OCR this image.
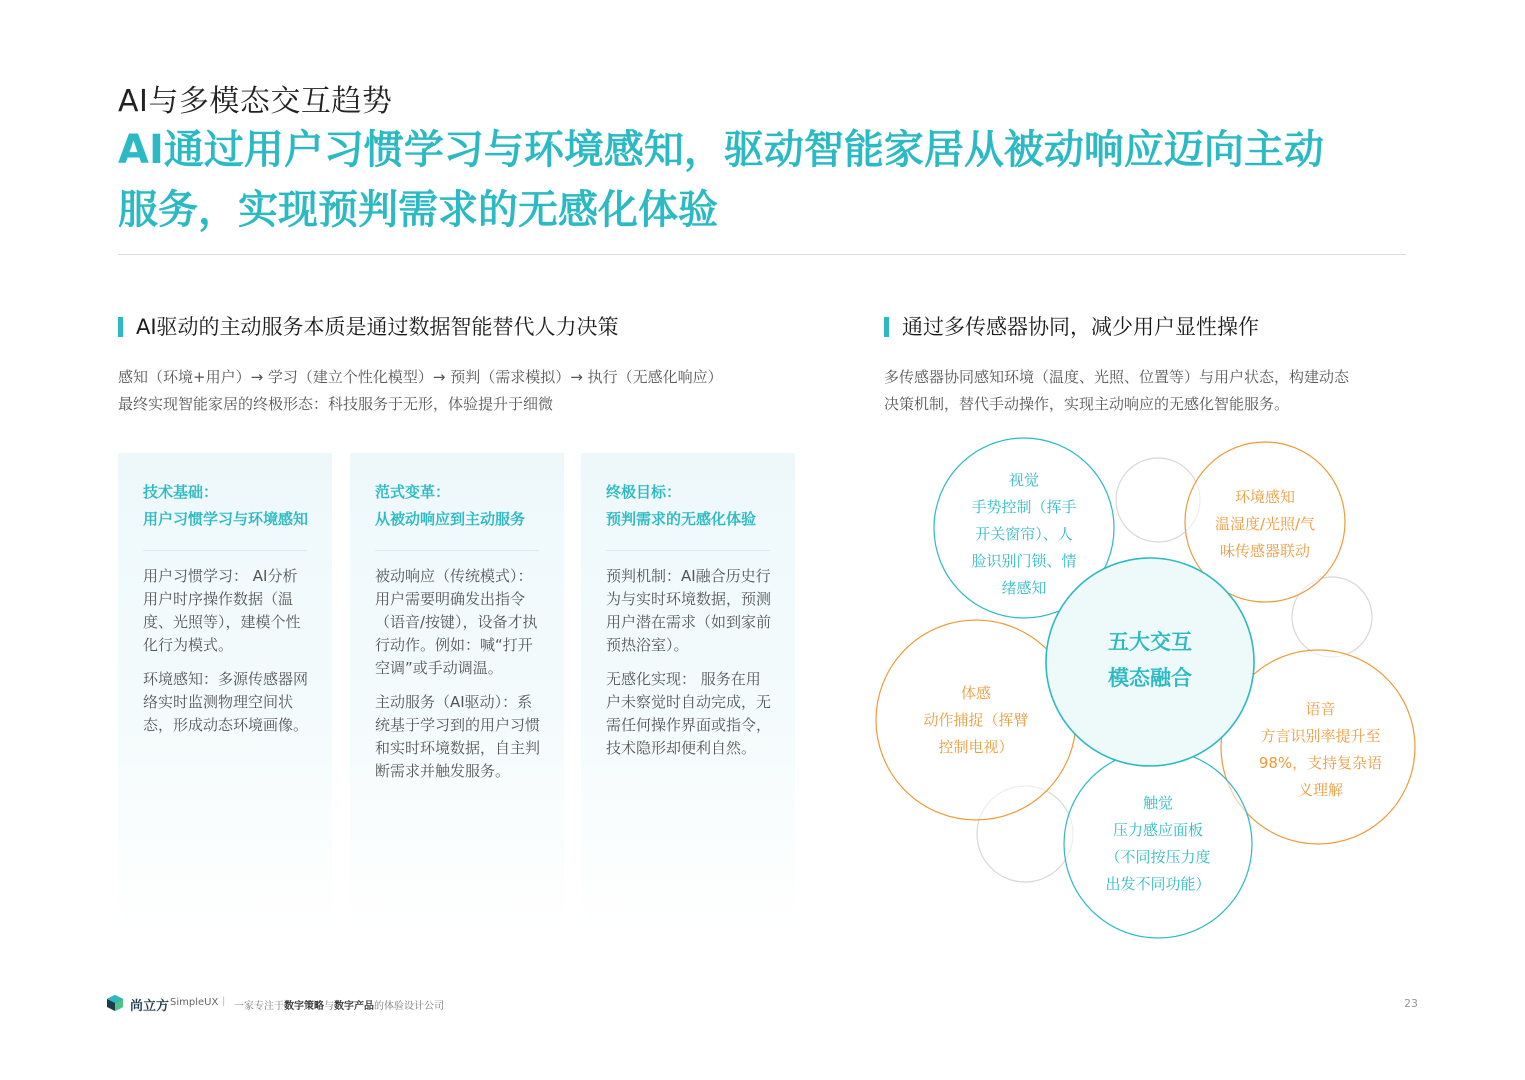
AI与多模态交互趋势
AI通过用户习惯学习与环境感知，驱动智能家居从被动响应迈向主动
服务，实现预判需求的无感化体验
AI驱动的主动服务本质是通过数据智能替代人力决策
感知（环境+用户）→ 学习（建立个性化模型）→ 预判（需求模拟）→ 执行（无感化响应）
最终实现智能家居的终极形态：科技服务于无形，体验提升于细微
技术基础：
用户习惯学习与环境感知

用户习惯学习： AI分析用户时序操作数据（温度、光照等），建模个性化行为模式。

环境感知：多源传感器网络实时监测物理空间状态，形成动态环境画像。

范式变革：
从被动响应到主动服务

被动响应（传统模式）： 用户需要明确发出指令（语音/按键），设备才执行动作。例如：喊“打开空调”或手动调温。

主动服务（AI驱动）：系统基于学习到的用户习惯和实时环境数据，自主判断需求并触发服务。

终极目标：
预判需求的无感化体验

预判机制：AI融合历史行为与实时环境数据，预测用户潜在需求（如到家前预热浴室）。

无感化实现： 服务在用户未察觉时自动完成，无需任何操作界面或指令，技术隐形却便利自然。

通过多传感器协同，减少用户显性操作
多传感器协同感知环境（温度、光照、位置等）与用户状态，构建动态
决策机制，替代手动操作，实现主动响应的无感化智能服务。
五大交互
模态融合
视觉
手势控制（挥手
开关窗帘）、人
脸识别门锁、情
绪感知
环境感知
温湿度/光照/气
味传感器联动
体感
动作捕捉（挥臂
控制电视）
语音
方言识别率提升至
98%，支持复杂语
义理解
触觉
压力感应面板
（不同按压力度
出发不同功能）
尚立方 SimpleUX | 一家专注于数字策略与数字产品的体验设计公司	23
